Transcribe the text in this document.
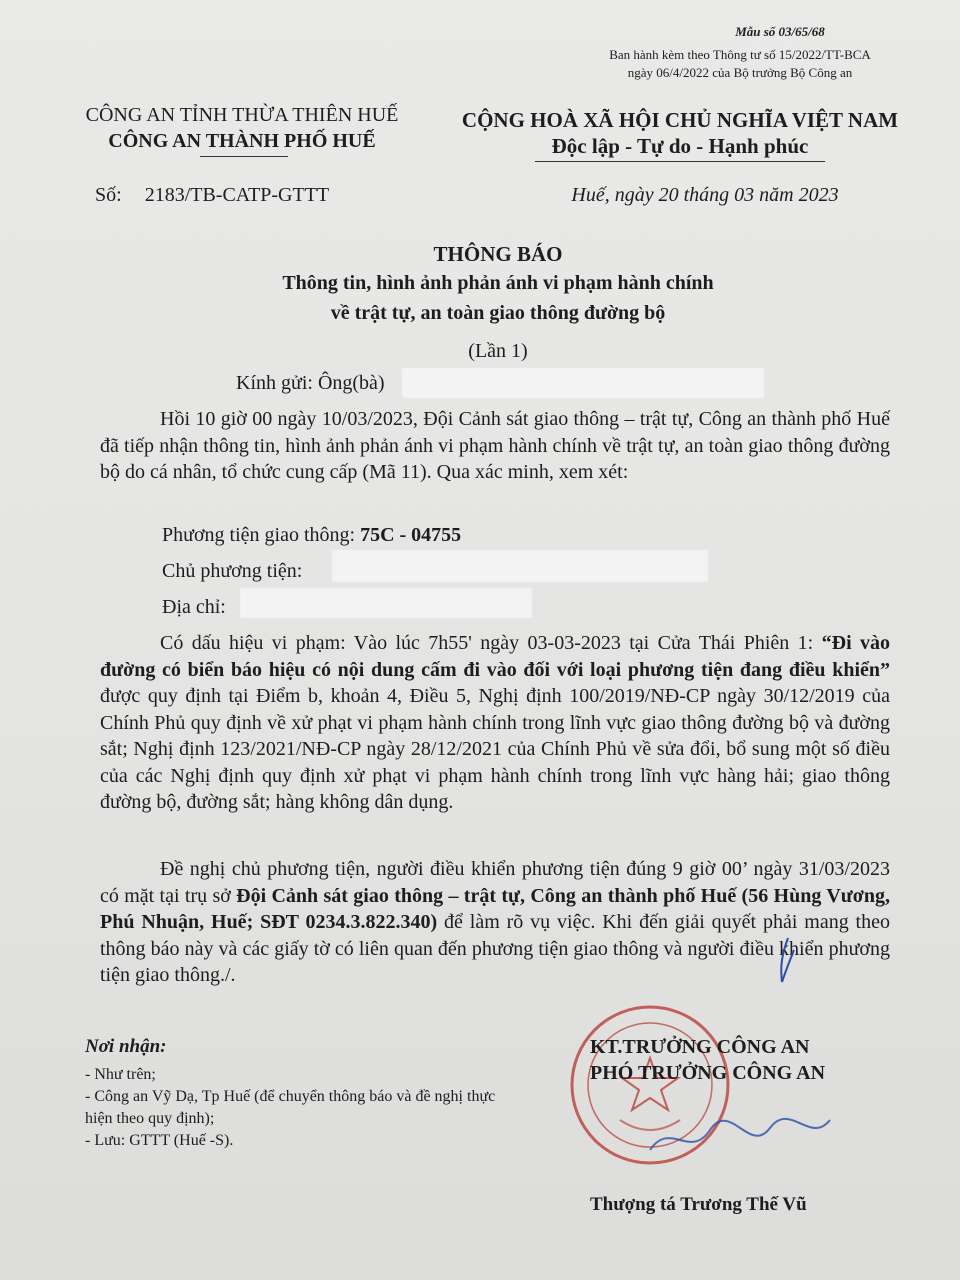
Mẫu số 03/65/68
Ban hành kèm theo Thông tư số 15/2022/TT-BCA
ngày 06/4/2022 của Bộ trưởng Bộ Công an
CÔNG AN TỈNH THỪA THIÊN HUẾ
CÔNG AN THÀNH PHỐ HUẾ
CỘNG HOÀ XÃ HỘI CHỦ NGHĨA VIỆT NAM
Độc lập - Tự do - Hạnh phúc
Số: 2183/TB-CATP-GTTT	Huế, ngày 20 tháng 03 năm 2023
THÔNG BÁO
Thông tin, hình ảnh phản ánh vi phạm hành chính
về trật tự, an toàn giao thông đường bộ
(Lần 1)
Kính gửi: Ông(bà)
Hồi 10 giờ 00 ngày 10/03/2023, Đội Cảnh sát giao thông – trật tự, Công an thành phố Huế đã tiếp nhận thông tin, hình ảnh phản ánh vi phạm hành chính về trật tự, an toàn giao thông đường bộ do cá nhân, tổ chức cung cấp (Mã 11). Qua xác minh, xem xét:
Phương tiện giao thông: 75C - 04755
Chủ phương tiện:
Địa chỉ:
Có dấu hiệu vi phạm: Vào lúc 7h55' ngày 03-03-2023 tại Cửa Thái Phiên 1: “Đi vào đường có biển báo hiệu có nội dung cấm đi vào đối với loại phương tiện đang điều khiển” được quy định tại Điểm b, khoản 4, Điều 5, Nghị định 100/2019/NĐ-CP ngày 30/12/2019 của Chính Phủ quy định về xử phạt vi phạm hành chính trong lĩnh vực giao thông đường bộ và đường sắt; Nghị định 123/2021/NĐ-CP ngày 28/12/2021 của Chính Phủ về sửa đổi, bổ sung một số điều của các Nghị định quy định xử phạt vi phạm hành chính trong lĩnh vực hàng hải; giao thông đường bộ, đường sắt; hàng không dân dụng.
Đề nghị chủ phương tiện, người điều khiển phương tiện đúng 9 giờ 00’ ngày 31/03/2023 có mặt tại trụ sở Đội Cảnh sát giao thông – trật tự, Công an thành phố Huế (56 Hùng Vương, Phú Nhuận, Huế; SĐT 0234.3.822.340) để làm rõ vụ việc. Khi đến giải quyết phải mang theo thông báo này và các giấy tờ có liên quan đến phương tiện giao thông và người điều khiển phương tiện giao thông./.
Nơi nhận:
- Như trên;
- Công an Vỹ Dạ, Tp Huế (để chuyển thông báo và đề nghị thực hiện theo quy định);
- Lưu: GTTT (Huế -S).
KT.TRƯỞNG CÔNG AN
PHÓ TRƯỞNG CÔNG AN
Thượng tá Trương Thế Vũ
